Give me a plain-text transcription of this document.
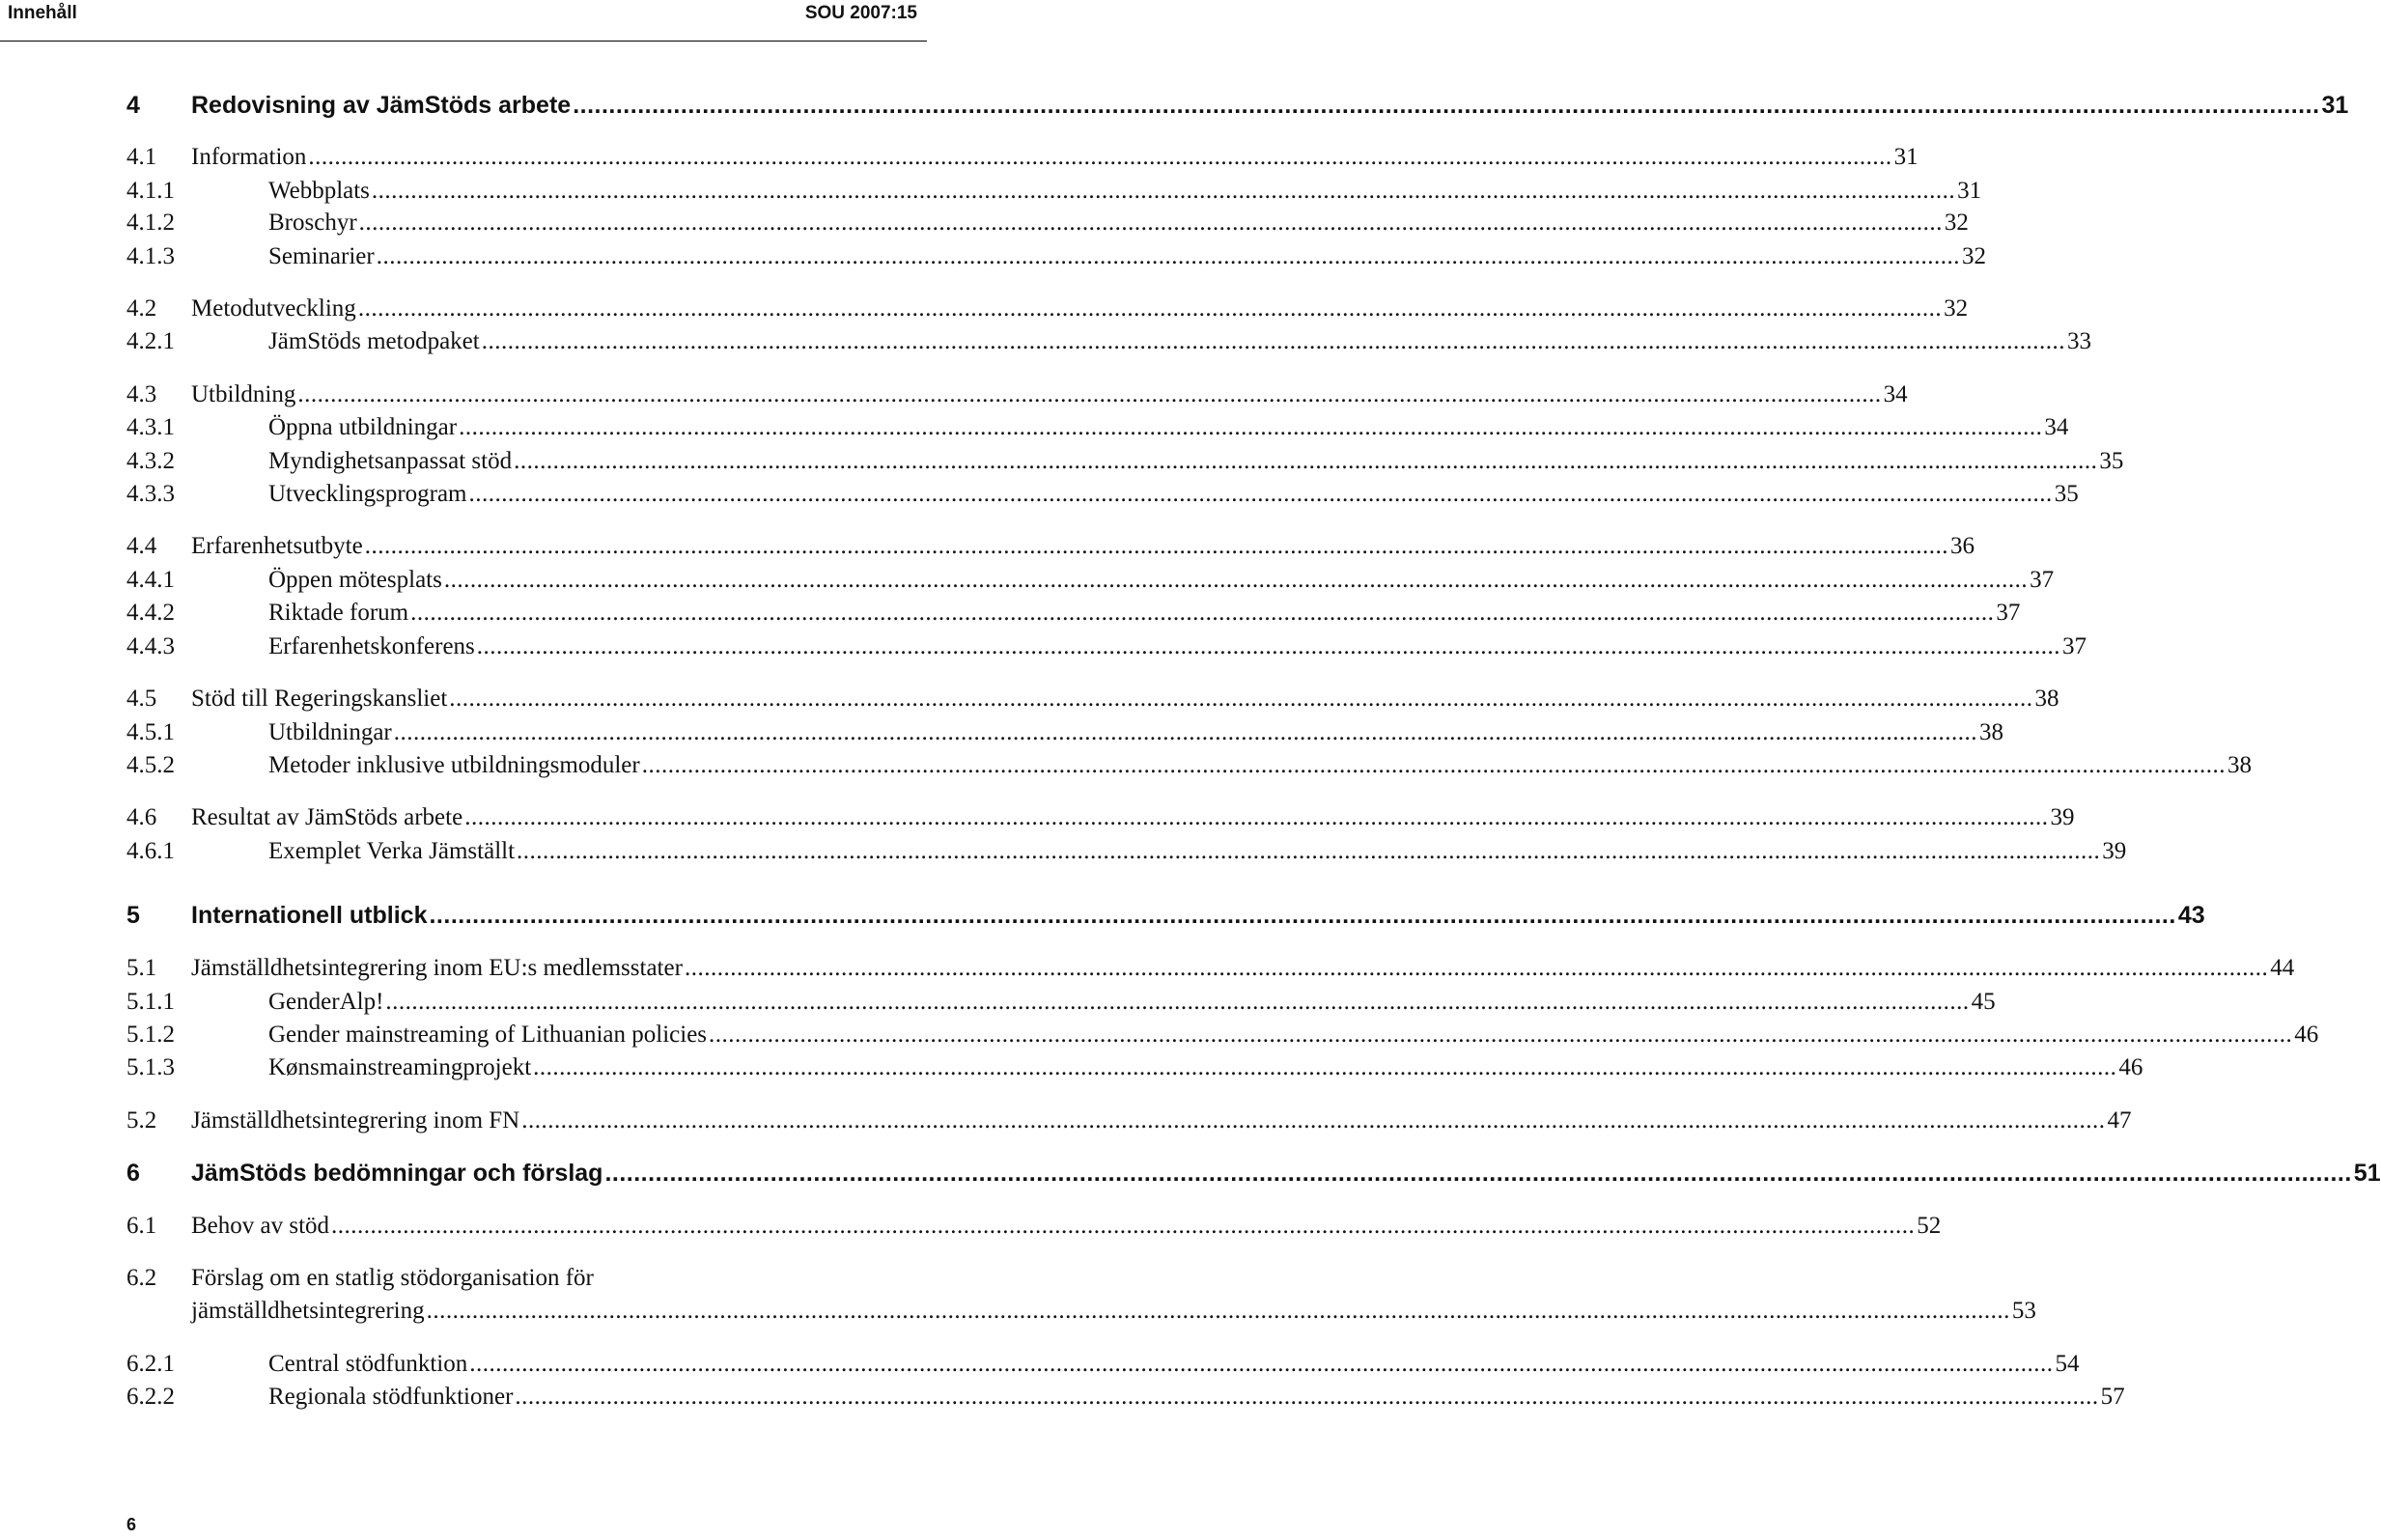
Innehåll	SOU 2007:15
4	Redovisning av JämStöds arbete .....	31
4.1	Information .....	31
4.1.1	Webbplats .....	31
4.1.2	Broschyr .....	32
4.1.3	Seminarier .....	32
4.2	Metodutveckling .....	32
4.2.1	JämStöds metodpaket .....	33
4.3	Utbildning .....	34
4.3.1	Öppna utbildningar .....	34
4.3.2	Myndighetsanpassat stöd .....	35
4.3.3	Utvecklingsprogram .....	35
4.4	Erfarenhetsutbyte .....	36
4.4.1	Öppen mötesplats .....	37
4.4.2	Riktade forum .....	37
4.4.3	Erfarenhetskonferens .....	37
4.5	Stöd till Regeringskansliet .....	38
4.5.1	Utbildningar .....	38
4.5.2	Metoder inklusive utbildningsmoduler .....	38
4.6	Resultat av JämStöds arbete .....	39
4.6.1	Exemplet Verka Jämställt .....	39
5	Internationell utblick .....	43
5.1	Jämställdhetsintegrering inom EU:s medlemsstater .....	44
5.1.1	GenderAlp! .....	45
5.1.2	Gender mainstreaming of Lithuanian policies .....	46
5.1.3	Kønsmainstreamingprojekt .....	46
5.2	Jämställdhetsintegrering inom FN .....	47
6	JämStöds bedömningar och förslag .....	51
6.1	Behov av stöd .....	52
6.2	Förslag om en statlig stödorganisation för
jämställdhetsintegrering .....	53
6.2.1	Central stödfunktion .....	54
6.2.2	Regionala stödfunktioner .....	57
6
